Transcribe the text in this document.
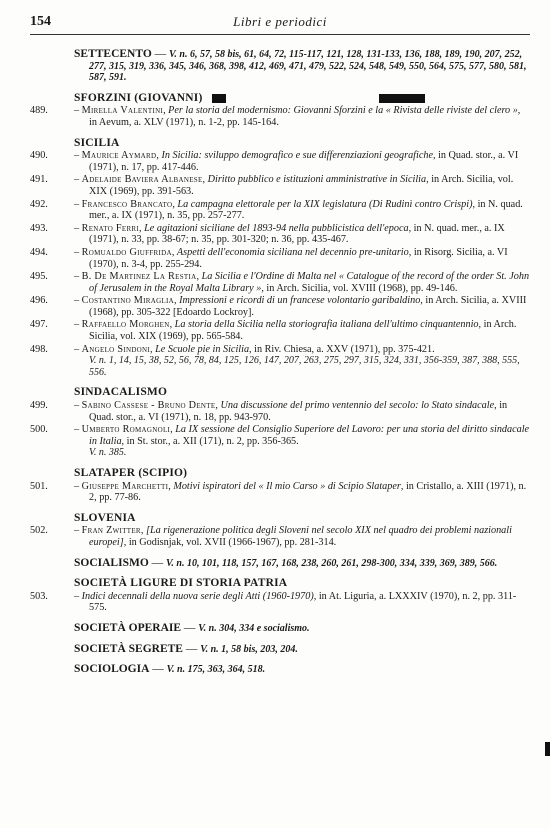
154	Libri e periodici
SETTECENTO — V. n. 6, 57, 58 bis, 61, 64, 72, 115-117, 121, 128, 131-133, 136, 188, 189, 190, 207, 252, 277, 315, 319, 336, 345, 346, 368, 398, 412, 469, 471, 479, 522, 524, 548, 549, 550, 564, 575, 577, 580, 581, 587, 591.
SFORZINI (GIOVANNI)
489.	– Mirella Valentini, Per la storia del modernismo: Giovanni Sforzini e la « Rivista delle riviste del clero », in Aevum, a. XLV (1971), n. 1-2, pp. 145-164.
SICILIA
490.	– Maurice Aymard, In Sicilia: sviluppo demografico e sue differenziazioni geografiche, in Quad. stor., a. VI (1971), n. 17, pp. 417-446.
491.	– Adelaide Baviera Albanese, Diritto pubblico e istituzioni amministrative in Sicilia, in Arch. Sicilia, vol. XIX (1969), pp. 391-563.
492.	– Francesco Brancato, La campagna elettorale per la XIX legislatura (Di Rudinì contro Crispi), in N. quad. mer., a. IX (1971), n. 35, pp. 257-277.
493.	– Renato Ferri, Le agitazioni siciliane del 1893-94 nella pubblicistica dell'epoca, in N. quad. mer., a. IX (1971), n. 33, pp. 38-67; n. 35, pp. 301-320; n. 36, pp. 435-467.
494.	– Romualdo Giuffrida, Aspetti dell'economia siciliana nel decennio pre-unitario, in Risorg. Sicilia, a. VI (1970), n. 3-4, pp. 255-294.
495.	– B. De Martinez La Restia, La Sicilia e l'Ordine di Malta nel « Catalogue of the record of the order St. John of Jerusalem in the Royal Malta Library », in Arch. Sicilia, vol. XVIII (1968), pp. 49-146.
496.	– Costantino Miraglia, Impressioni e ricordi di un francese volontario garibaldino, in Arch. Sicilia, a. XVIII (1968), pp. 305-322 [Edoardo Lockroy].
497.	– Raffaello Morghen, La storia della Sicilia nella storiografia italiana dell'ultimo cinquantennio, in Arch. Sicilia, vol. XIX (1969), pp. 565-584.
498.	– Angelo Sindoni, Le Scuole pie in Sicilia, in Riv. Chiesa, a. XXV (1971), pp. 375-421.
V. n. 1, 14, 15, 38, 52, 56, 78, 84, 125, 126, 147, 207, 263, 275, 297, 315, 324, 331, 356-359, 387, 388, 555, 556.
SINDACALISMO
499.	– Sabino Cassese - Bruno Dente, Una discussione del primo ventennio del secolo: lo Stato sindacale, in Quad. stor., a. VI (1971), n. 18, pp. 943-970.
500.	– Umberto Romagnoli, La IX sessione del Consiglio Superiore del Lavoro: per una storia del diritto sindacale in Italia, in St. stor., a. XII (171), n. 2, pp. 356-365.
V. n. 385.
SLATAPER (SCIPIO)
501.	– Giuseppe Marchetti, Motivi ispiratori del « Il mio Carso » di Scipio Slataper, in Cristallo, a. XIII (1971), n. 2, pp. 77-86.
SLOVENIA
502.	– Fran Zwitter, [La rigenerazione politica degli Sloveni nel secolo XIX nel quadro dei problemi nazionali europei], in Godisnjak, vol. XVII (1966-1967), pp. 281-314.
SOCIALISMO — V. n. 10, 101, 118, 157, 167, 168, 238, 260, 261, 298-300, 334, 339, 369, 389, 566.
SOCIETÀ LIGURE DI STORIA PATRIA
503.	– Indici decennali della nuova serie degli Atti (1960-1970), in At. Liguria, a. LXXXIV (1970), n. 2, pp. 311-575.
SOCIETÀ OPERAIE — V. n. 304, 334 e socialismo.
SOCIETÀ SEGRETE — V. n. 1, 58 bis, 203, 204.
SOCIOLOGIA — V. n. 175, 363, 364, 518.
